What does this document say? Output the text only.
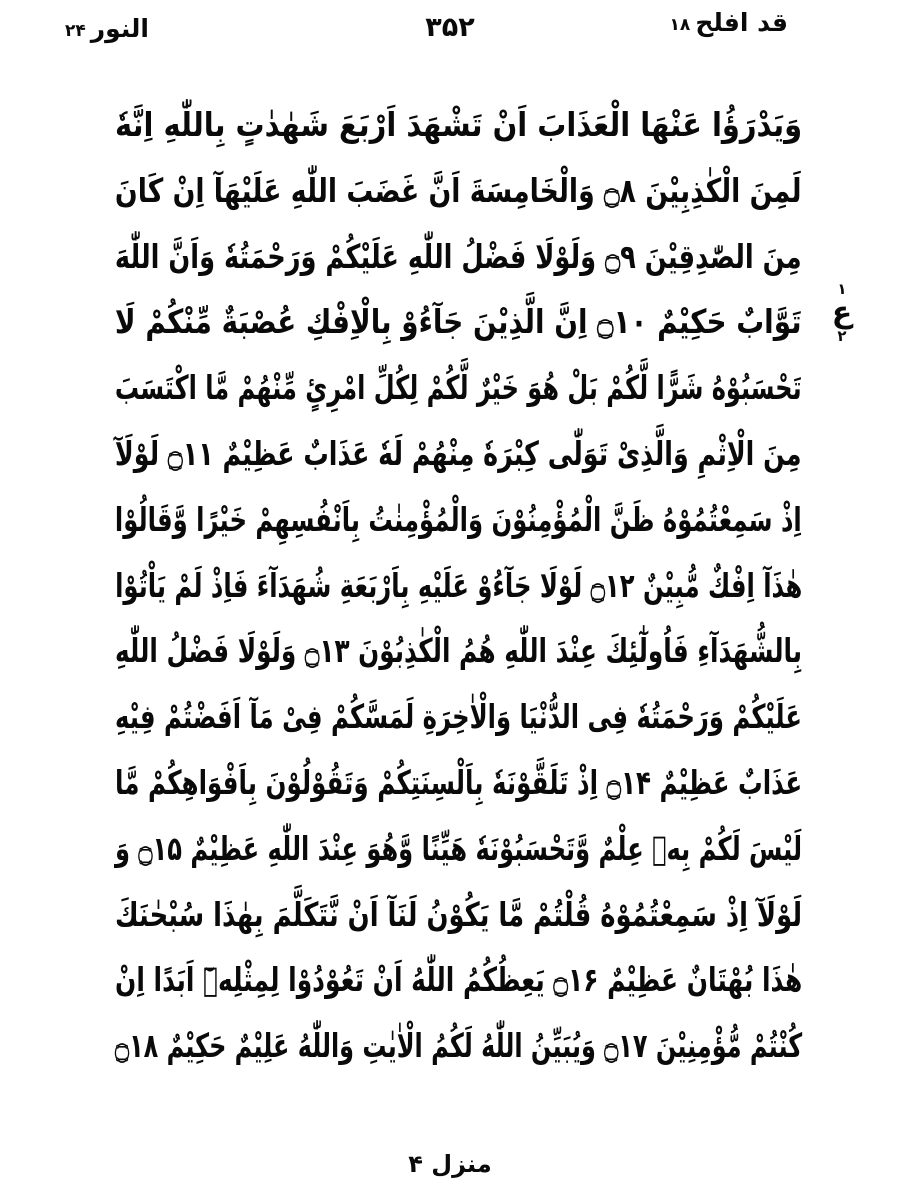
قد افلح ۱۸
۳۵۲
النور ۲۴
وَيَدْرَؤُا عَنْهَا الْعَذَابَ اَنْ تَشْهَدَ اَرْبَعَ شَهٰدٰتٍ بِاللّٰهِ اِنَّهٗ
لَمِنَ الْكٰذِبِيْنَ ۝۸ وَالْخَامِسَةَ اَنَّ غَضَبَ اللّٰهِ عَلَيْهَآ اِنْ كَانَ
مِنَ الصّٰدِقِيْنَ ۝۹ وَلَوْلَا فَضْلُ اللّٰهِ عَلَيْكُمْ وَرَحْمَتُهٗ وَاَنَّ اللّٰهَ
تَوَّابٌ حَكِيْمٌ ۝۱۰ اِنَّ الَّذِيْنَ جَآءُوْ بِالْاِفْكِ عُصْبَةٌ مِّنْكُمْ لَا
تَحْسَبُوْهُ شَرًّا لَّكُمْ بَلْ هُوَ خَيْرٌ لَّكُمْ لِكُلِّ امْرِئٍ مِّنْهُمْ مَّا اكْتَسَبَ
مِنَ الْاِثْمِ وَالَّذِىْ تَوَلّٰى كِبْرَهٗ مِنْهُمْ لَهٗ عَذَابٌ عَظِيْمٌ ۝۱۱ لَوْلَآ
اِذْ سَمِعْتُمُوْهُ ظَنَّ الْمُؤْمِنُوْنَ وَالْمُؤْمِنٰتُ بِاَنْفُسِهِمْ خَيْرًا وَّقَالُوْا
هٰذَآ اِفْكٌ مُّبِيْنٌ ۝۱۲ لَوْلَا جَآءُوْ عَلَيْهِ بِاَرْبَعَةِ شُهَدَآءَ فَاِذْ لَمْ يَاْتُوْا
بِالشُّهَدَآءِ فَاُولٰٓئِكَ عِنْدَ اللّٰهِ هُمُ الْكٰذِبُوْنَ ۝۱۳ وَلَوْلَا فَضْلُ اللّٰهِ
عَلَيْكُمْ وَرَحْمَتُهٗ فِى الدُّنْيَا وَالْاٰخِرَةِ لَمَسَّكُمْ فِىْ مَآ اَفَضْتُمْ فِيْهِ
عَذَابٌ عَظِيْمٌ ۝۱۴ اِذْ تَلَقَّوْنَهٗ بِاَلْسِنَتِكُمْ وَتَقُوْلُوْنَ بِاَفْوَاهِكُمْ مَّا
لَيْسَ لَكُمْ بِهٖ عِلْمٌ وَّتَحْسَبُوْنَهٗ هَيِّنًا وَّهُوَ عِنْدَ اللّٰهِ عَظِيْمٌ ۝۱۵ وَ
لَوْلَآ اِذْ سَمِعْتُمُوْهُ قُلْتُمْ مَّا يَكُوْنُ لَنَآ اَنْ نَّتَكَلَّمَ بِهٰذَا سُبْحٰنَكَ
هٰذَا بُهْتَانٌ عَظِيْمٌ ۝۱۶ يَعِظُكُمُ اللّٰهُ اَنْ تَعُوْدُوْا لِمِثْلِهٖٓ اَبَدًا اِنْ
كُنْتُمْ مُّؤْمِنِيْنَ ۝۱۷ وَيُبَيِّنُ اللّٰهُ لَكُمُ الْاٰيٰتِ وَاللّٰهُ عَلِيْمٌ حَكِيْمٌ ۝۱۸
۱
ع
۲
منزل ۴
